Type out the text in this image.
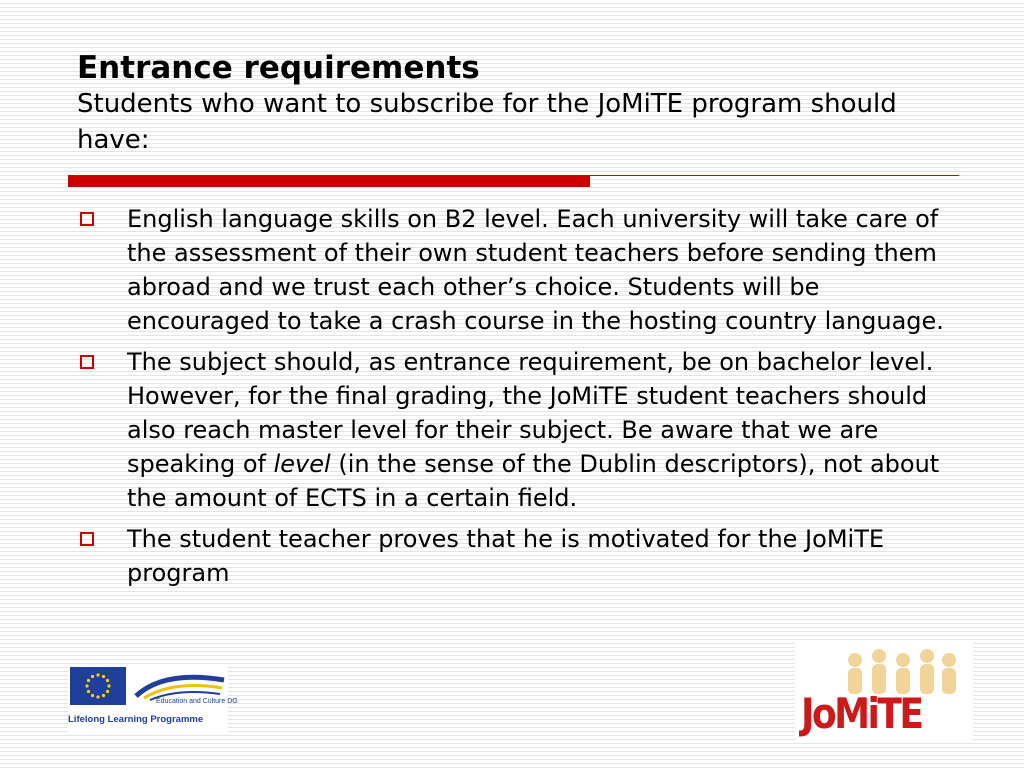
Entrance requirements

Students who want to subscribe for the JoMiTE program should have:

English language skills on B2 level. Each university will take care of the assessment of their own student teachers before sending them abroad and we trust each other’s choice. Students will be encouraged to take a crash course in the hosting country language.
The subject should, as entrance requirement, be on bachelor level. However, for the final grading, the JoMiTE student teachers should also reach master level for their subject. Be aware that we are speaking of level (in the sense of the Dublin descriptors), not about the amount of ECTS in a certain field.
The student teacher proves that he is motivated for the JoMiTE program
Education and Culture DG
Lifelong Learning Programme	JoMiTE
